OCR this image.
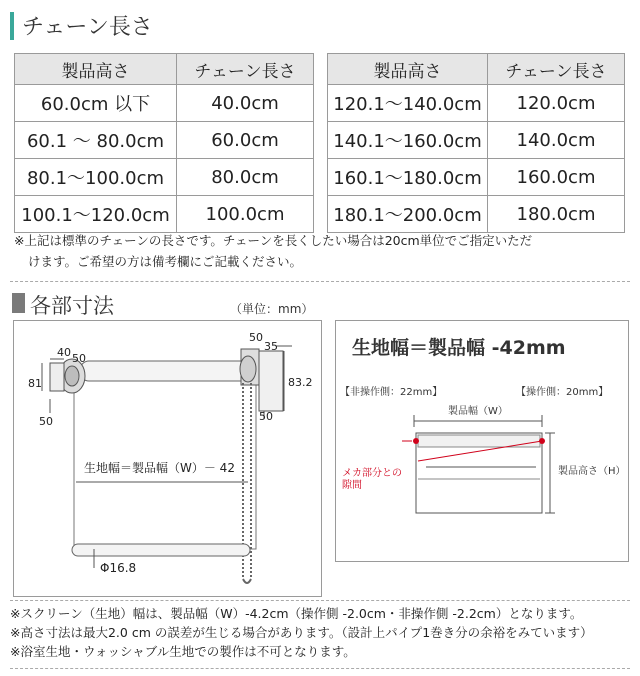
チェーン長さ
製品高さ	チェーン長さ
60.0cm 以下	40.0cm
60.1 ～ 80.0cm	60.0cm
80.1～100.0cm	80.0cm
100.1～120.0cm	100.0cm
製品高さ	チェーン長さ
120.1～140.0cm	120.0cm
140.1～160.0cm	140.0cm
160.1～180.0cm	160.0cm
180.1～200.0cm	180.0cm
※上記は標準のチェーンの長さです。チェーンを長くしたい場合は20cm単位でご指定いただ
けます。ご希望の方は備考欄にご記載ください。
各部寸法	（単位：mm）
40 50
81
50
50
35
83.2
50
生地幅＝製品幅（W）－ 42
Φ16.8
生地幅＝製品幅 -42mm
【非操作側：22mm】	【操作側：20mm】
製品幅（W）
メカ部分との
隙間
製品高さ（H）
※スクリーン（生地）幅は、製品幅（W）-4.2cm（操作側 -2.0cm・非操作側 -2.2cm）となります。
※高さ寸法は最大2.0 cm の誤差が生じる場合があります。（設計上パイプ1巻き分の余裕をみています）
※浴室生地・ウォッシャブル生地での製作は不可となります。
